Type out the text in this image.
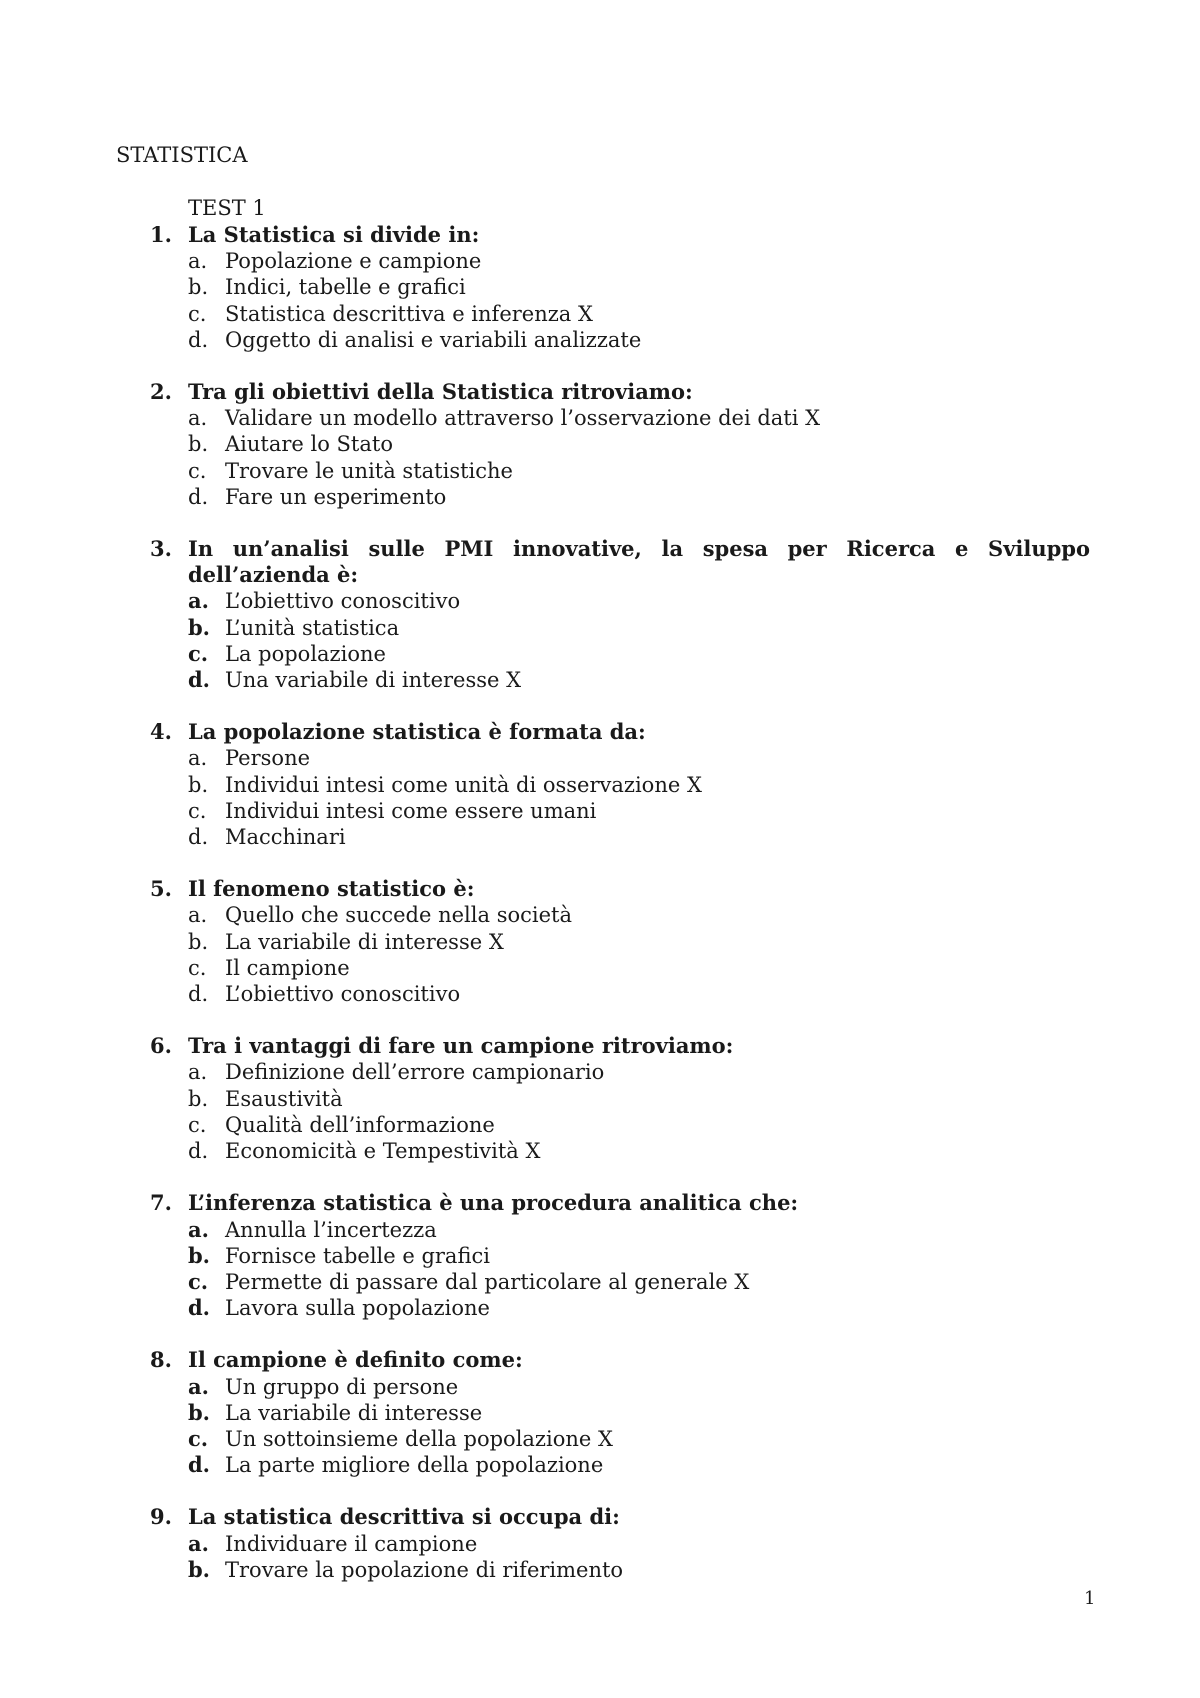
STATISTICA
TEST 1
1. La Statistica si divide in:
a. Popolazione e campione
b. Indici, tabelle e grafici
c. Statistica descrittiva e inferenza X
d. Oggetto di analisi e variabili analizzate
2. Tra gli obiettivi della Statistica ritroviamo:
a. Validare un modello attraverso l’osservazione dei dati X
b. Aiutare lo Stato
c. Trovare le unità statistiche
d. Fare un esperimento
3. In un’analisi sulle PMI innovative, la spesa per Ricerca e Sviluppo dell’azienda è:
a. L’obiettivo conoscitivo
b. L’unità statistica
c. La popolazione
d. Una variabile di interesse X
4. La popolazione statistica è formata da:
a. Persone
b. Individui intesi come unità di osservazione X
c. Individui intesi come essere umani
d. Macchinari
5. Il fenomeno statistico è:
a. Quello che succede nella società
b. La variabile di interesse X
c. Il campione
d. L’obiettivo conoscitivo
6. Tra i vantaggi di fare un campione ritroviamo:
a. Definizione dell’errore campionario
b. Esaustività
c. Qualità dell’informazione
d. Economicità e Tempestività X
7. L’inferenza statistica è una procedura analitica che:
a. Annulla l’incertezza
b. Fornisce tabelle e grafici
c. Permette di passare dal particolare al generale X
d. Lavora sulla popolazione
8. Il campione è definito come:
a. Un gruppo di persone
b. La variabile di interesse
c. Un sottoinsieme della popolazione X
d. La parte migliore della popolazione
9. La statistica descrittiva si occupa di:
a. Individuare il campione
b. Trovare la popolazione di riferimento
1
